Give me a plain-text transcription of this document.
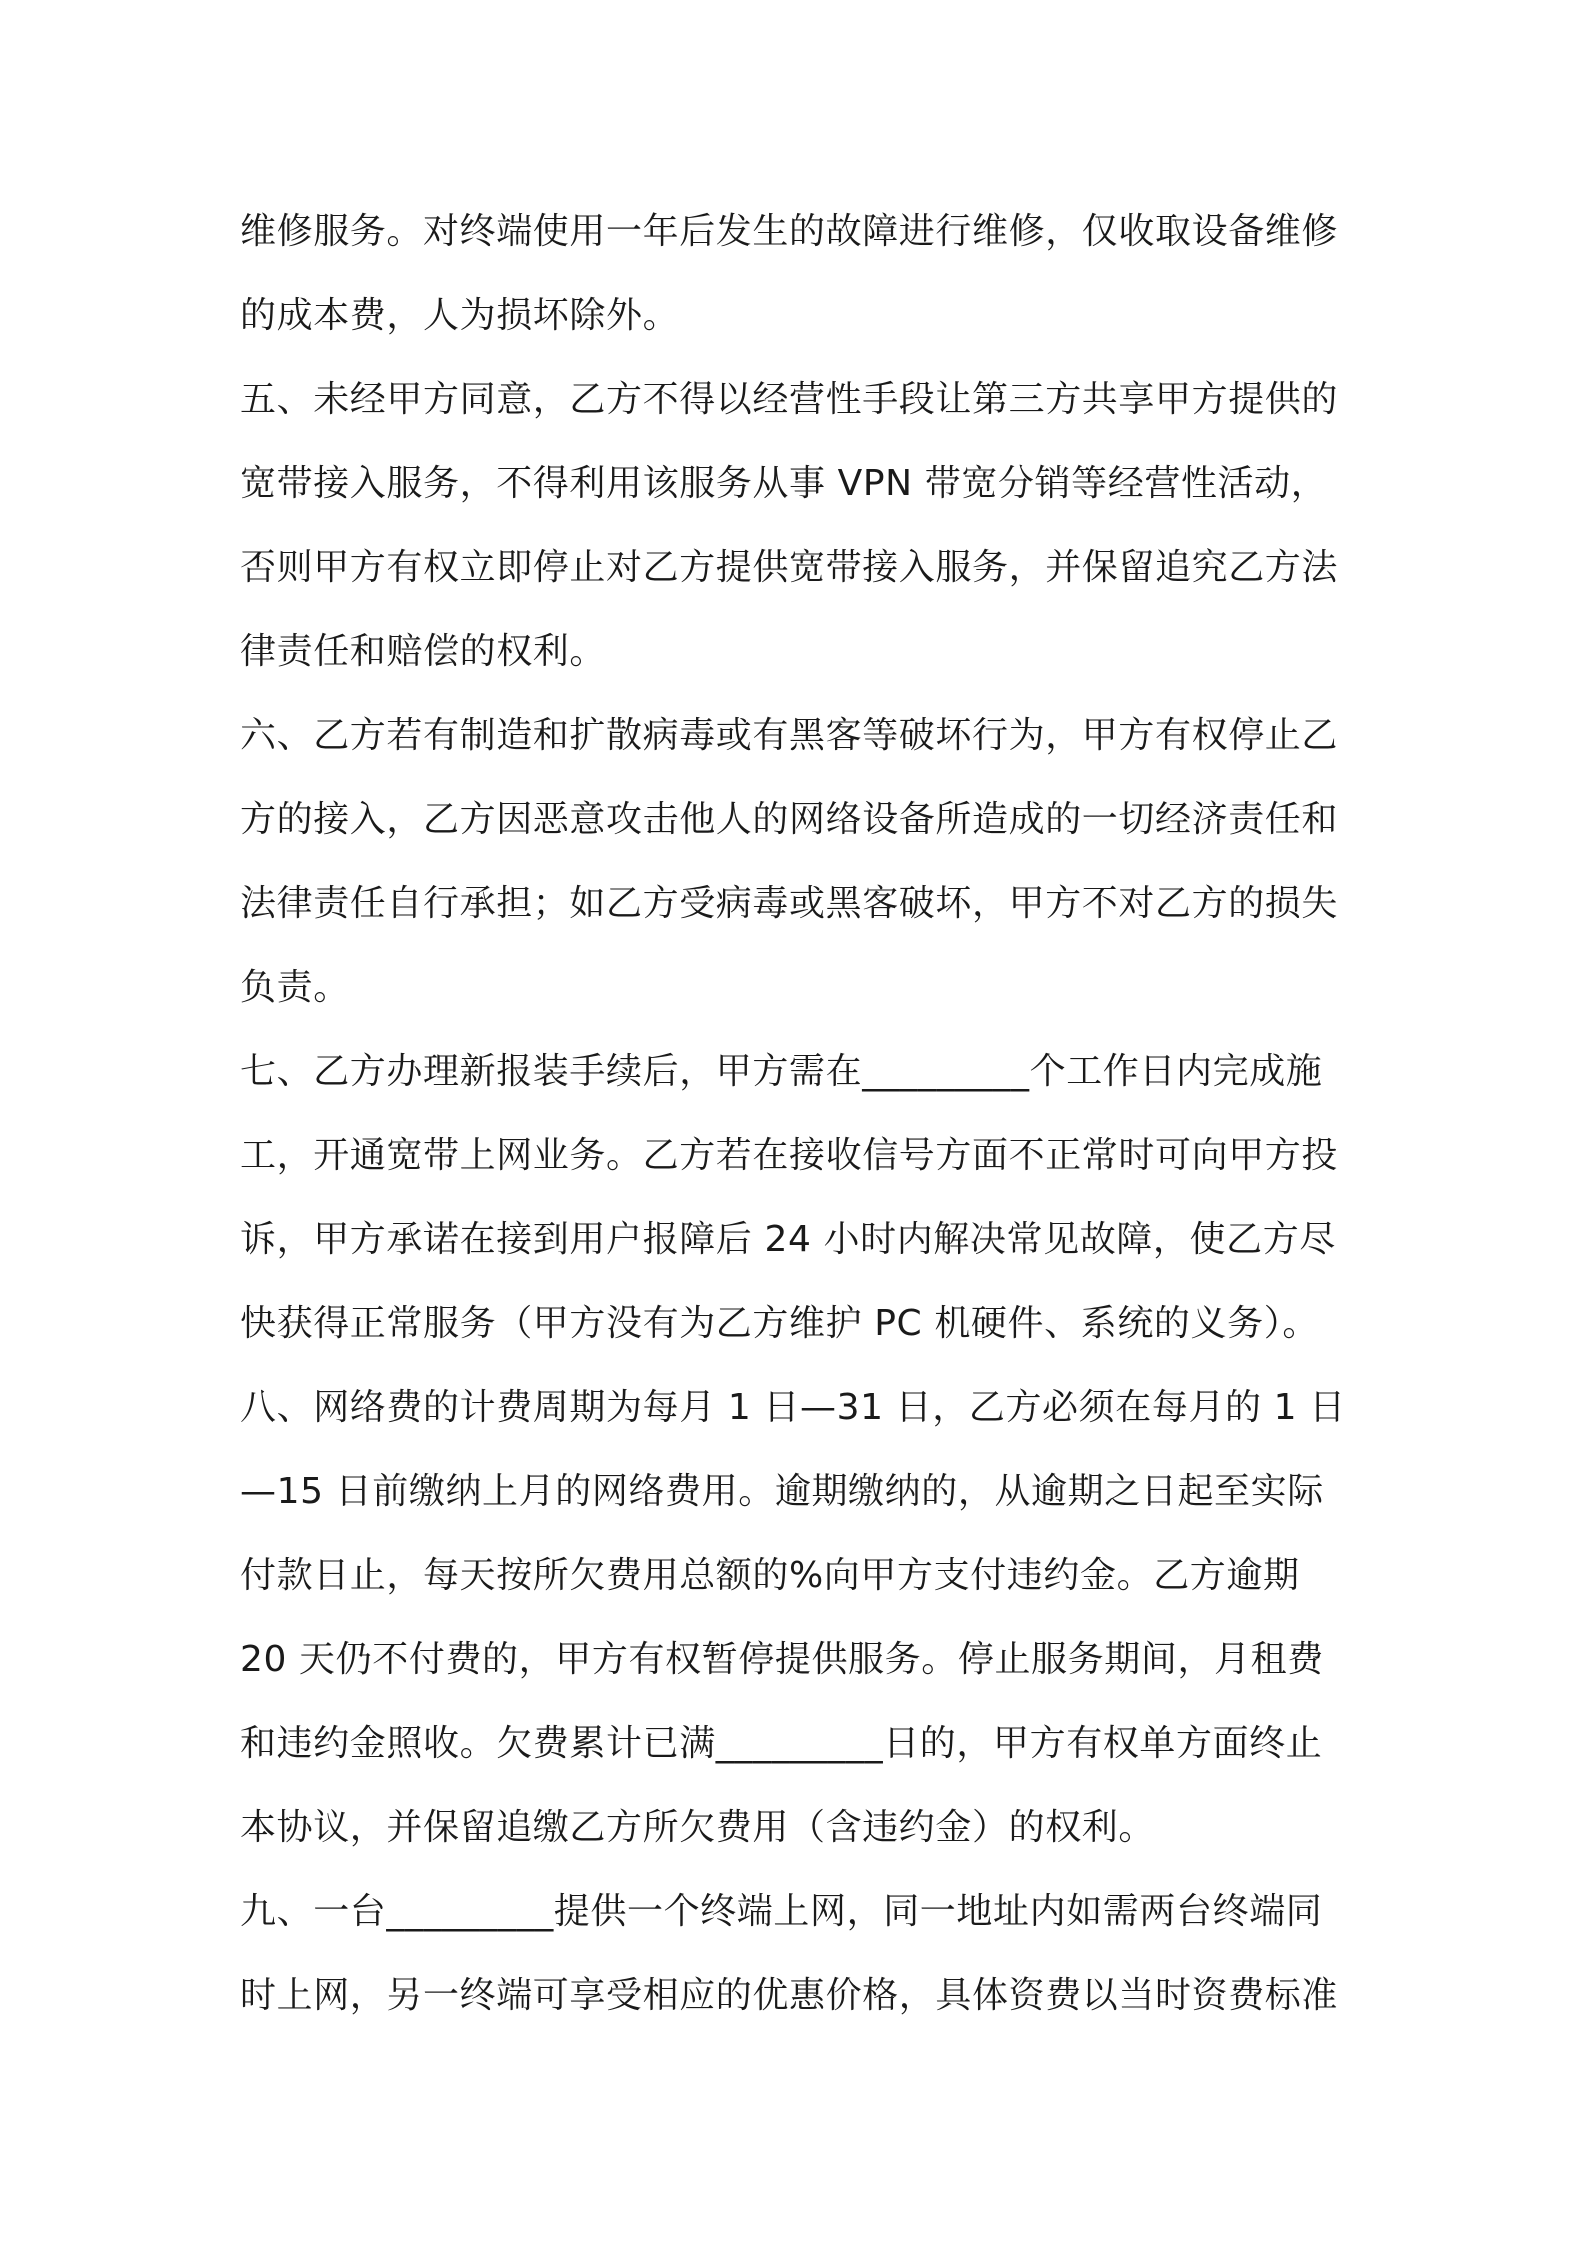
维修服务。对终端使用一年后发生的故障进行维修，仅收取设备维修
的成本费，人为损坏除外。
五、未经甲方同意，乙方不得以经营性手段让第三方共享甲方提供的
宽带接入服务，不得利用该服务从事 VPN 带宽分销等经营性活动，
否则甲方有权立即停止对乙方提供宽带接入服务，并保留追究乙方法
律责任和赔偿的权利。
六、乙方若有制造和扩散病毒或有黑客等破坏行为，甲方有权停止乙
方的接入，乙方因恶意攻击他人的网络设备所造成的一切经济责任和
法律责任自行承担；如乙方受病毒或黑客破坏，甲方不对乙方的损失
负责。
七、乙方办理新报装手续后，甲方需在_________个工作日内完成施
工，开通宽带上网业务。乙方若在接收信号方面不正常时可向甲方投
诉，甲方承诺在接到用户报障后 24 小时内解决常见故障，使乙方尽
快获得正常服务（甲方没有为乙方维护 PC 机硬件、系统的义务）。
八、网络费的计费周期为每月 1 日—31 日，乙方必须在每月的 1 日
—15 日前缴纳上月的网络费用。逾期缴纳的，从逾期之日起至实际
付款日止，每天按所欠费用总额的%向甲方支付违约金。乙方逾期
20 天仍不付费的，甲方有权暂停提供服务。停止服务期间，月租费
和违约金照收。欠费累计已满_________日的，甲方有权单方面终止
本协议，并保留追缴乙方所欠费用（含违约金）的权利。
九、一台_________提供一个终端上网，同一地址内如需两台终端同
时上网，另一终端可享受相应的优惠价格，具体资费以当时资费标准
